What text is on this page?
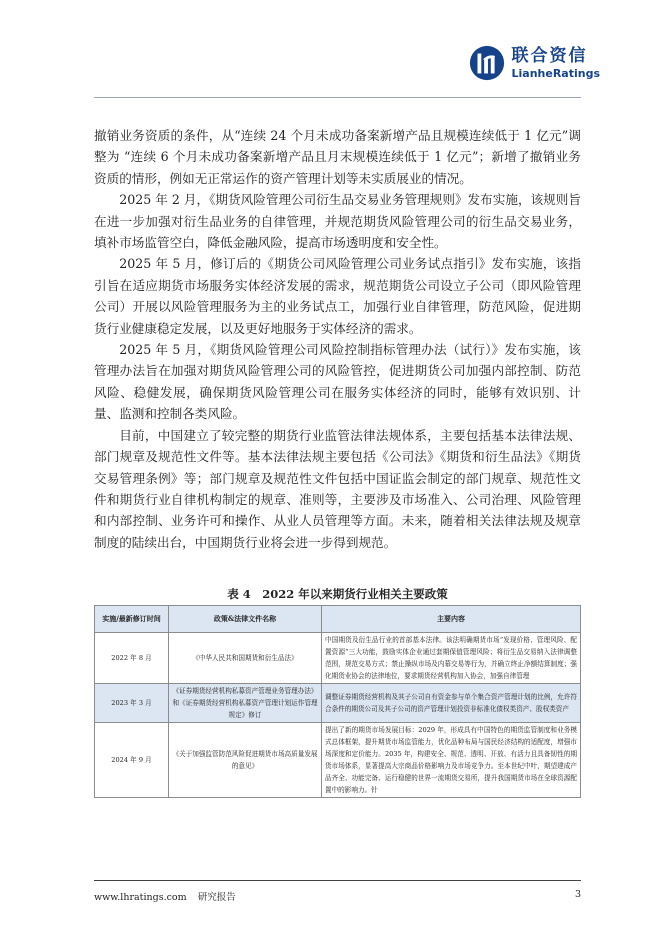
联合资信
LianheRatings

撤销业务资质的条件，从“连续 24 个月未成功备案新增产品且规模连续低于 1 亿元”调整为 “连续 6 个月未成功备案新增产品且月末规模连续低于 1 亿元”；新增了撤销业务资质的情形，例如无正常运作的资产管理计划等未实质展业的情况。

2025 年 2 月，《期货风险管理公司衍生品交易业务管理规则》发布实施，该规则旨在进一步加强对衍生品业务的自律管理，并规范期货风险管理公司的衍生品交易业务，填补市场监管空白，降低金融风险，提高市场透明度和安全性。

2025 年 5 月，修订后的《期货公司风险管理公司业务试点指引》发布实施，该指引旨在适应期货市场服务实体经济发展的需求，规范期货公司设立子公司（即风险管理公司）开展以风险管理服务为主的业务试点工，加强行业自律管理，防范风险，促进期货行业健康稳定发展，以及更好地服务于实体经济的需求。

2025 年 5 月，《期货风险管理公司风险控制指标管理办法（试行）》发布实施，该管理办法旨在加强对期货风险管理公司的风险管控，促进期货公司加强内部控制、防范风险、稳健发展，确保期货风险管理公司在服务实体经济的同时，能够有效识别、计量、监测和控制各类风险。

目前，中国建立了较完整的期货行业监管法律法规体系，主要包括基本法律法规、部门规章及规范性文件等。基本法律法规主要包括《公司法》《期货和衍生品法》《期货交易管理条例》等；部门规章及规范性文件包括中国证监会制定的部门规章、规范性文件和期货行业自律机构制定的规章、准则等，主要涉及市场准入、公司治理、风险管理和内部控制、业务许可和操作、从业人员管理等方面。未来，随着相关法律法规及规章制度的陆续出台，中国期货行业将会进一步得到规范。

表 4　2022 年以来期货行业相关主要政策
实施/最新修订时间	政策&法律文件名称	主要内容
2022 年 8 月	《中华人民共和国期货和衍生品法》	中国期货及衍生品行业的首部基本法律。该法明确期货市场“发现价格、管理风险、配置资源”三大功能，鼓励实体企业通过套期保值管理风险；将衍生品交易纳入法律调整范围，规范交易方式；禁止操纵市场及内幕交易等行为，并确立终止净额结算制度；强化期货业协会的法律地位，要求期货经营机构加入协会，加强自律管理
2023 年 3 月	《证券期货经营机构私募资产管理业务管理办法》和《证券期货经营机构私募资产管理计划运作管理规定》修订	调整证券期货经营机构及其子公司自有资金参与单个集合资产管理计划的比例，允许符合条件的期货公司及其子公司的资产管理计划投资非标准化债权类资产、股权类资产
2024 年 9 月	《关于加强监管防范风险促进期货市场高质量发展的意见》	提出了新的期货市场发展目标：2029 年，形成具有中国特色的期货监管制度和业务模式总体框架，提升期货市场监管能力，优化品种布局与国民经济结构的适配度，增强市场深度和定价能力。2035 年，构建安全、规范、透明、开放、有活力且具备韧性的期货市场体系，显著提高大宗商品价格影响力及市场竞争力。至本世纪中叶，期望建成产品齐全、功能完备、运行稳健的世界一流期货交易所，提升我国期货市场在全球资源配置中的影响力。针
www.lhratings.com 研究报告	3
